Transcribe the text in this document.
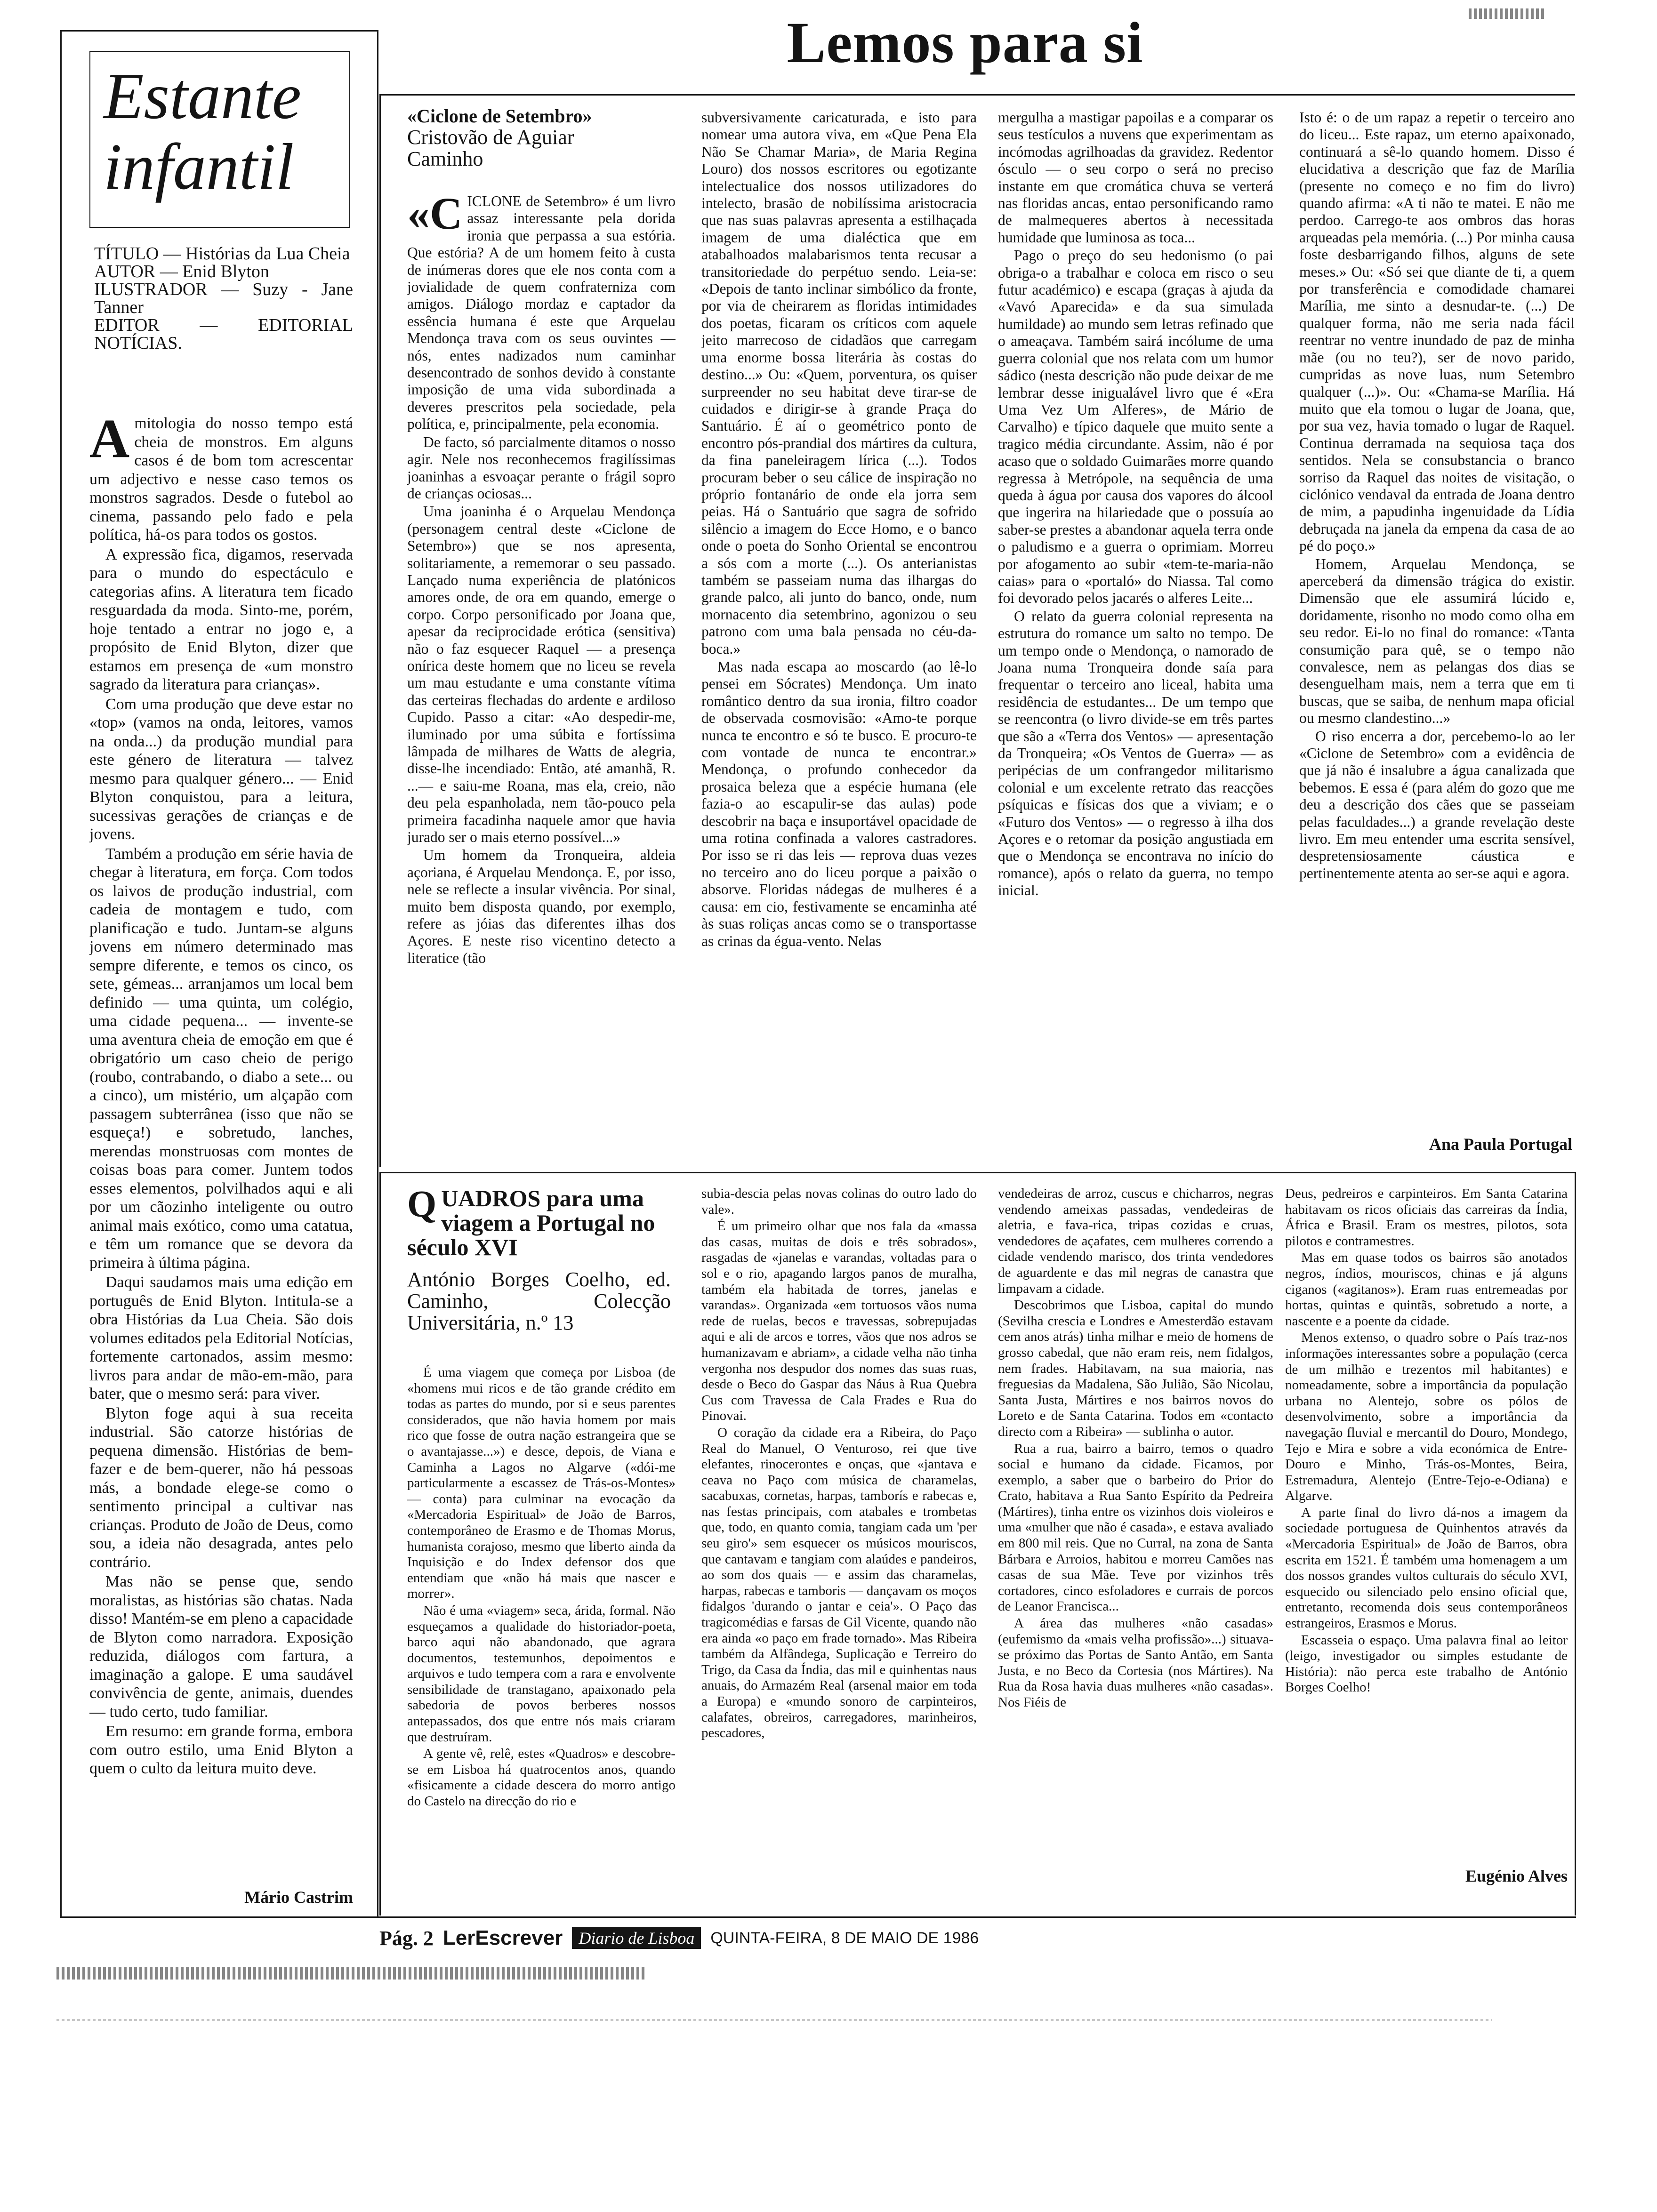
Lemos para si
Estante infantil
TÍTULO — Histórias da Lua Cheia
AUTOR — Enid Blyton
ILUSTRADOR — Suzy - Jane Tanner
EDITOR — EDITORIAL NOTÍCIAS.

Amitologia do nosso tempo está cheia de monstros. Em alguns casos é de bom tom acrescentar um adjectivo e nesse caso temos os monstros sagrados. Desde o futebol ao cinema, passando pelo fado e pela política, há-os para todos os gostos.

A expressão fica, digamos, reservada para o mundo do espectáculo e categorias afins. A literatura tem ficado resguardada da moda. Sinto-me, porém, hoje tentado a entrar no jogo e, a propósito de Enid Blyton, dizer que estamos em presença de «um monstro sagrado da literatura para crianças».

Com uma produção que deve estar no «top» (vamos na onda, leitores, vamos na onda...) da produção mundial para este género de literatura — talvez mesmo para qualquer género... — Enid Blyton conquistou, para a leitura, sucessivas gerações de crianças e de jovens.

Também a produção em série havia de chegar à literatura, em força. Com todos os laivos de produção industrial, com cadeia de montagem e tudo, com planificação e tudo. Juntam-se alguns jovens em número determinado mas sempre diferente, e temos os cinco, os sete, gémeas... arranjamos um local bem definido — uma quinta, um colégio, uma cidade pequena... — invente-se uma aventura cheia de emoção em que é obrigatório um caso cheio de perigo (roubo, contrabando, o diabo a sete... ou a cinco), um mistério, um alçapão com passagem subterrânea (isso que não se esqueça!) e sobretudo, lanches, merendas monstruosas com montes de coisas boas para comer. Juntem todos esses elementos, polvilhados aqui e ali por um cãozinho inteligente ou outro animal mais exótico, como uma catatua, e têm um romance que se devora da primeira à última página.

Daqui saudamos mais uma edição em português de Enid Blyton. Intitula-se a obra Histórias da Lua Cheia. São dois volumes editados pela Editorial Notícias, fortemente cartonados, assim mesmo: livros para andar de mão-em-mão, para bater, que o mesmo será: para viver.

Blyton foge aqui à sua receita industrial. São catorze histórias de pequena dimensão. Histórias de bem-fazer e de bem-querer, não há pessoas más, a bondade elege-se como o sentimento principal a cultivar nas crianças. Produto de João de Deus, como sou, a ideia não desagrada, antes pelo contrário.

Mas não se pense que, sendo moralistas, as histórias são chatas. Nada disso! Mantém-se em pleno a capacidade de Blyton como narradora. Exposição reduzida, diálogos com fartura, a imaginação a galope. E uma saudável convivência de gente, animais, duendes — tudo certo, tudo familiar.

Em resumo: em grande forma, embora com outro estilo, uma Enid Blyton a quem o culto da leitura muito deve.

Mário Castrim
«Ciclone de Setembro»
Cristovão de Aguiar
Caminho

«CICLONE de Setembro» é um livro assaz interessante pela dorida ironia que perpassa a sua estória. Que estória? A de um homem feito à custa de inúmeras dores que ele nos conta com a jovialidade de quem confraterniza com amigos. Diálogo mordaz e captador da essência humana é este que Arquelau Mendonça trava com os seus ouvintes — nós, entes nadizados num caminhar desencontrado de sonhos devido à constante imposição de uma vida subordinada a deveres prescritos pela sociedade, pela política, e, principalmente, pela economia.

De facto, só parcialmente ditamos o nosso agir. Nele nos reconhecemos fragilíssimas joaninhas a esvoaçar perante o frágil sopro de crianças ociosas...

Uma joaninha é o Arquelau Mendonça (personagem central deste «Ciclone de Setembro») que se nos apresenta, solitariamente, a rememorar o seu passado. Lançado numa experiência de platónicos amores onde, de ora em quando, emerge o corpo. Corpo personificado por Joana que, apesar da reciprocidade erótica (sensitiva) não o faz esquecer Raquel — a presença onírica deste homem que no liceu se revela um mau estudante e uma constante vítima das certeiras flechadas do ardente e ardiloso Cupido. Passo a citar: «Ao despedir-me, iluminado por uma súbita e fortíssima lâmpada de milhares de Watts de alegria, disse-lhe incendiado: Então, até amanhã, R. ...— e saiu-me Roana, mas ela, creio, não deu pela espanholada, nem tão-pouco pela primeira facadinha naquele amor que havia jurado ser o mais eterno possível...»

Um homem da Tronqueira, aldeia açoriana, é Arquelau Mendonça. E, por isso, nele se reflecte a insular vivência. Por sinal, muito bem disposta quando, por exemplo, refere as jóias das diferentes ilhas dos Açores. E neste riso vicentino detecto a literatice (tão

subversivamente caricaturada, e isto para nomear uma autora viva, em «Que Pena Ela Não Se Chamar Maria», de Maria Regina Louro) dos nossos escritores ou egotizante intelectualice dos nossos utilizadores do intelecto, brasão de nobilíssima aristocracia que nas suas palavras apresenta a estilhaçada imagem de uma dialéctica que em atabalhoados malabarismos tenta recusar a transitoriedade do perpétuo sendo. Leia-se: «Depois de tanto inclinar simbólico da fronte, por via de cheirarem as floridas intimidades dos poetas, ficaram os críticos com aquele jeito marrecoso de cidadãos que carregam uma enorme bossa literária às costas do destino...» Ou: «Quem, porventura, os quiser surpreender no seu habitat deve tirar-se de cuidados e dirigir-se à grande Praça do Santuário. É aí o geométrico ponto de encontro pós-prandial dos mártires da cultura, da fina paneleiragem lírica (...). Todos procuram beber o seu cálice de inspiração no próprio fontanário de onde ela jorra sem peias. Há o Santuário que sagra de sofrido silêncio a imagem do Ecce Homo, e o banco onde o poeta do Sonho Oriental se encontrou a sós com a morte (...). Os anterianistas também se passeiam numa das ilhargas do grande palco, ali junto do banco, onde, num mornacento dia setembrino, agonizou o seu patrono com uma bala pensada no céu-da-boca.»

Mas nada escapa ao moscardo (ao lê-lo pensei em Sócrates) Mendonça. Um inato romântico dentro da sua ironia, filtro coador de observada cosmovisão: «Amo-te porque nunca te encontro e só te busco. E procuro-te com vontade de nunca te encontrar.» Mendonça, o profundo conhecedor da prosaica beleza que a espécie humana (ele fazia-o ao escapulir-se das aulas) pode descobrir na baça e insuportável opacidade de uma rotina confinada a valores castradores. Por isso se ri das leis — reprova duas vezes no terceiro ano do liceu porque a paixão o absorve. Floridas nádegas de mulheres é a causa: em cio, festivamente se encaminha até às suas roliças ancas como se o transportasse as crinas da égua-vento. Nelas

mergulha a mastigar papoilas e a comparar os seus testículos a nuvens que experimentam as incómodas agrilhoadas da gravidez. Redentor ósculo — o seu corpo o será no preciso instante em que cromática chuva se verterá nas floridas ancas, entao personificando ramo de malmequeres abertos à necessitada humidade que luminosa as toca...

Pago o preço do seu hedonismo (o pai obriga-o a trabalhar e coloca em risco o seu futur académico) e escapa (graças à ajuda da «Vavó Aparecida» e da sua simulada humildade) ao mundo sem letras refinado que o ameaçava. Também sairá incólume de uma guerra colonial que nos relata com um humor sádico (nesta descrição não pude deixar de me lembrar desse inigualável livro que é «Era Uma Vez Um Alferes», de Mário de Carvalho) e típico daquele que muito sente a tragico média circundante. Assim, não é por acaso que o soldado Guimarães morre quando regressa à Metrópole, na sequência de uma queda à água por causa dos vapores do álcool que ingerira na hilariedade que o possuía ao saber-se prestes a abandonar aquela terra onde o paludismo e a guerra o oprimiam. Morreu por afogamento ao subir «tem-te-maria-não caias» para o «portaló» do Niassa. Tal como foi devorado pelos jacarés o alferes Leite...

O relato da guerra colonial representa na estrutura do romance um salto no tempo. De um tempo onde o Mendonça, o namorado de Joana numa Tronqueira donde saía para frequentar o terceiro ano liceal, habita uma residência de estudantes... De um tempo que se reencontra (o livro divide-se em três partes que são a «Terra dos Ventos» — apresentação da Tronqueira; «Os Ventos de Guerra» — as peripécias de um confrangedor militarismo colonial e um excelente retrato das reacções psíquicas e físicas dos que a viviam; e o «Futuro dos Ventos» — o regresso à ilha dos Açores e o retomar da posição angustiada em que o Mendonça se encontrava no início do romance), após o relato da guerra, no tempo inicial.

Isto é: o de um rapaz a repetir o terceiro ano do liceu... Este rapaz, um eterno apaixonado, continuará a sê-lo quando homem. Disso é elucidativa a descrição que faz de Marília (presente no começo e no fim do livro) quando afirma: «A ti não te matei. E não me perdoo. Carrego-te aos ombros das horas arqueadas pela memória. (...) Por minha causa foste desbarrigando filhos, alguns de sete meses.» Ou: «Só sei que diante de ti, a quem por transferência e comodidade chamarei Marília, me sinto a desnudar-te. (...) De qualquer forma, não me seria nada fácil reentrar no ventre inundado de paz de minha mãe (ou no teu?), ser de novo parido, cumpridas as nove luas, num Setembro qualquer (...)». Ou: «Chama-se Marília. Há muito que ela tomou o lugar de Joana, que, por sua vez, havia tomado o lugar de Raquel. Continua derramada na sequiosa taça dos sentidos. Nela se consubstancia o branco sorriso da Raquel das noites de visitação, o ciclónico vendaval da entrada de Joana dentro de mim, a papudinha ingenuidade da Lídia debruçada na janela da empena da casa de ao pé do poço.»

Homem, Arquelau Mendonça, se aperceberá da dimensão trágica do existir. Dimensão que ele assumirá lúcido e, doridamente, risonho no modo como olha em seu redor. Ei-lo no final do romance: «Tanta consumição para quê, se o tempo não convalesce, nem as pelangas dos dias se desenguelham mais, nem a terra que em ti buscas, que se saiba, de nenhum mapa oficial ou mesmo clandestino...»

O riso encerra a dor, percebemo-lo ao ler «Ciclone de Setembro» com a evidência de que já não é insalubre a água canalizada que bebemos. E essa é (para além do gozo que me deu a descrição dos cães que se passeiam pelas faculdades...) a grande revelação deste livro. Em meu entender uma escrita sensível, despretensiosamente cáustica e pertinentemente atenta ao ser-se aqui e agora.

Ana Paula Portugal
QUADROS para uma viagem a Portugal no século XVI
António Borges Coelho, ed. Caminho, Colecção Universitária, n.º 13

É uma viagem que começa por Lisboa (de «homens mui ricos e de tão grande crédito em todas as partes do mundo, por si e seus parentes considerados, que não havia homem por mais rico que fosse de outra nação estrangeira que se o avantajasse...») e desce, depois, de Viana e Caminha a Lagos no Algarve («dói-me particularmente a escassez de Trás-os-Montes» — conta) para culminar na evocação da «Mercadoria Espiritual» de João de Barros, contemporâneo de Erasmo e de Thomas Morus, humanista corajoso, mesmo que liberto ainda da Inquisição e do Index defensor dos que entendiam que «não há mais que nascer e morrer».

Não é uma «viagem» seca, árida, formal. Não esqueçamos a qualidade do historiador-poeta, barco aqui não abandonado, que agrara documentos, testemunhos, depoimentos e arquivos e tudo tempera com a rara e envolvente sensibilidade de transtagano, apaixonado pela sabedoria de povos berberes nossos antepassados, dos que entre nós mais criaram que destruíram.

A gente vê, relê, estes «Quadros» e descobre-se em Lisboa há quatrocentos anos, quando «fisicamente a cidade descera do morro antigo do Castelo na direcção do rio e

subia-descia pelas novas colinas do outro lado do vale».

É um primeiro olhar que nos fala da «massa das casas, muitas de dois e três sobrados», rasgadas de «janelas e varandas, voltadas para o sol e o rio, apagando largos panos de muralha, também ela habitada de torres, janelas e varandas». Organizada «em tortuosos vãos numa rede de ruelas, becos e travessas, sobrepujadas aqui e ali de arcos e torres, vãos que nos adros se humanizavam e abriam», a cidade velha não tinha vergonha nos despudor dos nomes das suas ruas, desde o Beco do Gaspar das Náus à Rua Quebra Cus com Travessa de Cala Frades e Rua do Pinovai.

O coração da cidade era a Ribeira, do Paço Real do Manuel, O Venturoso, rei que tive elefantes, rinocerontes e onças, que «jantava e ceava no Paço com música de charamelas, sacabuxas, cornetas, harpas, tamborís e rabecas e, nas festas principais, com atabales e trombetas que, todo, en quanto comia, tangiam cada um 'per seu giro'» sem esquecer os músicos mouriscos, que cantavam e tangiam com alaúdes e pandeiros, ao som dos quais — e assim das charamelas, harpas, rabecas e tamboris — dançavam os moços fidalgos 'durando o jantar e ceia'». O Paço das tragicomédias e farsas de Gil Vicente, quando não era ainda «o paço em frade tornado». Mas Ribeira também da Alfândega, Suplicação e Terreiro do Trigo, da Casa da Índia, das mil e quinhentas naus anuais, do Armazém Real (arsenal maior em toda a Europa) e «mundo sonoro de carpinteiros, calafates, obreiros, carregadores, marinheiros, pescadores,

vendedeiras de arroz, cuscus e chicharros, negras vendendo ameixas passadas, vendedeiras de aletria, e fava-rica, tripas cozidas e cruas, vendedores de açafates, cem mulheres correndo a cidade vendendo marisco, dos trinta vendedores de aguardente e das mil negras de canastra que limpavam a cidade.

Descobrimos que Lisboa, capital do mundo (Sevilha crescia e Londres e Amesterdão estavam cem anos atrás) tinha milhar e meio de homens de grosso cabedal, que não eram reis, nem fidalgos, nem frades. Habitavam, na sua maioria, nas freguesias da Madalena, São Julião, São Nicolau, Santa Justa, Mártires e nos bairros novos do Loreto e de Santa Catarina. Todos em «contacto directo com a Ribeira» — sublinha o autor.

Rua a rua, bairro a bairro, temos o quadro social e humano da cidade. Ficamos, por exemplo, a saber que o barbeiro do Prior do Crato, habitava a Rua Santo Espírito da Pedreira (Mártires), tinha entre os vizinhos dois violeiros e uma «mulher que não é casada», e estava avaliado em 800 mil reis. Que no Curral, na zona de Santa Bárbara e Arroios, habitou e morreu Camões nas casas de sua Mãe. Teve por vizinhos três cortadores, cinco esfoladores e currais de porcos de Leanor Francisca...

A área das mulheres «não casadas» (eufemismo da «mais velha profissão»...) situava-se próximo das Portas de Santo Antão, em Santa Justa, e no Beco da Cortesia (nos Mártires). Na Rua da Rosa havia duas mulheres «não casadas». Nos Fiéis de

Deus, pedreiros e carpinteiros. Em Santa Catarina habitavam os ricos oficiais das carreiras da Índia, África e Brasil. Eram os mestres, pilotos, sota pilotos e contramestres.

Mas em quase todos os bairros são anotados negros, índios, mouriscos, chinas e já alguns ciganos («agitanos»). Eram ruas entremeadas por hortas, quintas e quintãs, sobretudo a norte, a nascente e a poente da cidade.

Menos extenso, o quadro sobre o País traz-nos informações interessantes sobre a população (cerca de um milhão e trezentos mil habitantes) e nomeadamente, sobre a importância da população urbana no Alentejo, sobre os pólos de desenvolvimento, sobre a importância da navegação fluvial e mercantil do Douro, Mondego, Tejo e Mira e sobre a vida económica de Entre-Douro e Minho, Trás-os-Montes, Beira, Estremadura, Alentejo (Entre-Tejo-e-Odiana) e Algarve.

A parte final do livro dá-nos a imagem da sociedade portuguesa de Quinhentos através da «Mercadoria Espiritual» de João de Barros, obra escrita em 1521. É também uma homenagem a um dos nossos grandes vultos culturais do século XVI, esquecido ou silenciado pelo ensino oficial que, entretanto, recomenda dois seus contemporâneos estrangeiros, Erasmos e Morus.

Escasseia o espaço. Uma palavra final ao leitor (leigo, investigador ou simples estudante de História): não perca este trabalho de António Borges Coelho!

Eugénio Alves
Pág. 2 LerEscrever Diario de Lisboa	QUINTA-FEIRA, 8 DE MAIO DE 1986
